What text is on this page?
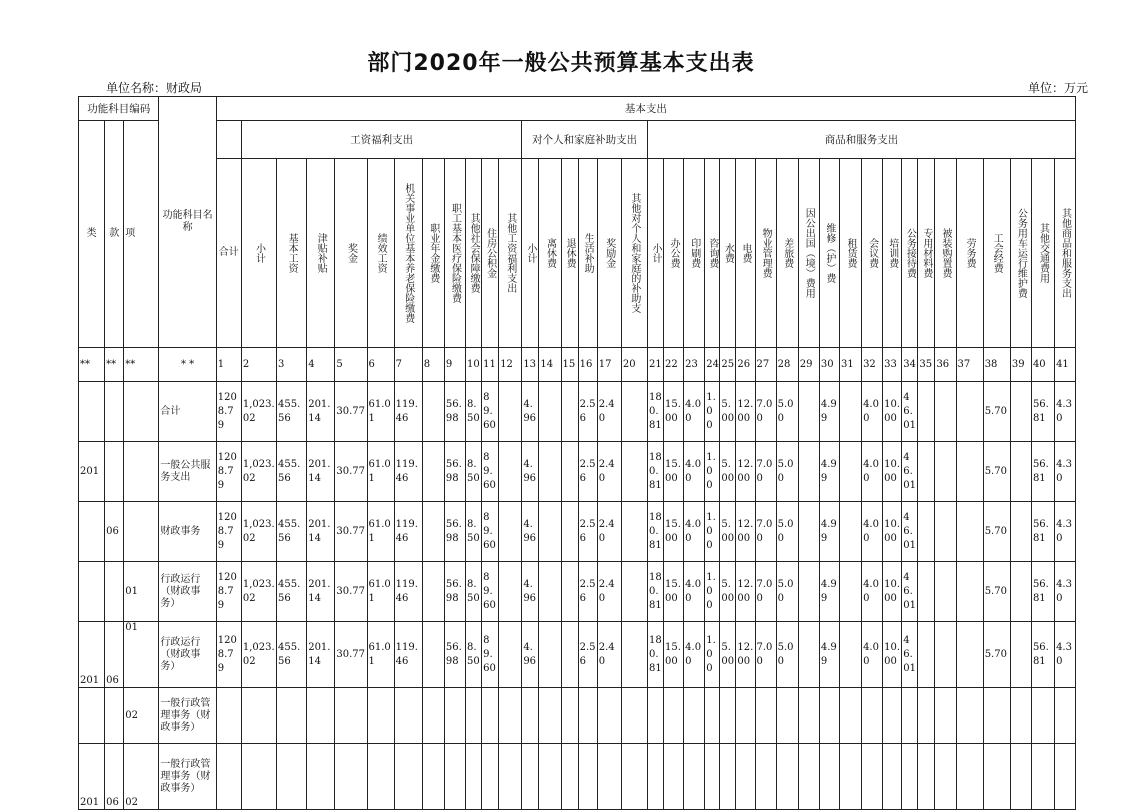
部门2020年一般公共预算基本支出表
单位名称：财政局	单位：万元
功能科目编码			功能科目名称	基本支出																																						
类	款	项			工资福利支出											对个人和家庭补助支出						商品和服务支出																				
				合计	小计	基本工资	津贴补贴	奖金	绩效工资	机关事业单位基本养老保险缴费	职业年金缴费	职工基本医疗保险缴费	其他社会保障缴费	住房公积金	其他工资福利支出	小计	离休费	退休费	生活补助	奖励金	其他对个人和家庭的补助支	小计	办公费	印刷费	咨询费	水费	电费	物业管理费	差旅费	因公出国（境）费用	维修（护）费	租赁费	会议费	培训费	公务接待费	专用材料费	被装购置费	劳务费	工会经费	公务用车运行维护费	其他交通费用	其他商品和服务支出

**	**	**	* *	1	2	3	4	5	6	7	8	9	10	11	12	13	14	15	16	17	20	21	22	23	24	25	26	27	28	29	30	31	32	33	34	35	36	37	38	39	40	41
			合计	1208.79	1,023.02	455.56	201.14	30.77	61.01	119.46		56.98	8.50	89.60		4.96			2.56	2.40		180.81	15.00	4.00	1.00	5.00	12.00	7.00	5.00		4.99		4.00	10.00	46.01				5.70		56.81	4.30
201			一般公共服务支出	1208.79	1,023.02	455.56	201.14	30.77	61.01	119.46		56.98	8.50	89.60		4.96			2.56	2.40		180.81	15.00	4.00	1.00	5.00	12.00	7.00	5.00		4.99		4.00	10.00	46.01				5.70		56.81	4.30
	06		财政事务	1208.79	1,023.02	455.56	201.14	30.77	61.01	119.46		56.98	8.50	89.60		4.96			2.56	2.40		180.81	15.00	4.00	1.00	5.00	12.00	7.00	5.00		4.99		4.00	10.00	46.01				5.70		56.81	4.30
		01	行政运行（财政事务）	1208.79	1,023.02	455.56	201.14	30.77	61.01	119.46		56.98	8.50	89.60		4.96			2.56	2.40		180.81	15.00	4.00	1.00	5.00	12.00	7.00	5.00		4.99		4.00	10.00	46.01				5.70		56.81	4.30
201	06	01	行政运行（财政事务）	1208.79	1,023.02	455.56	201.14	30.77	61.01	119.46		56.98	8.50	89.60		4.96			2.56	2.40		180.81	15.00	4.00	1.00	5.00	12.00	7.00	5.00		4.99		4.00	10.00	46.01				5.70		56.81	4.30
		02	一般行政管理事务（财政事务）																																							
201	06	02	一般行政管理事务（财政事务）																																							
